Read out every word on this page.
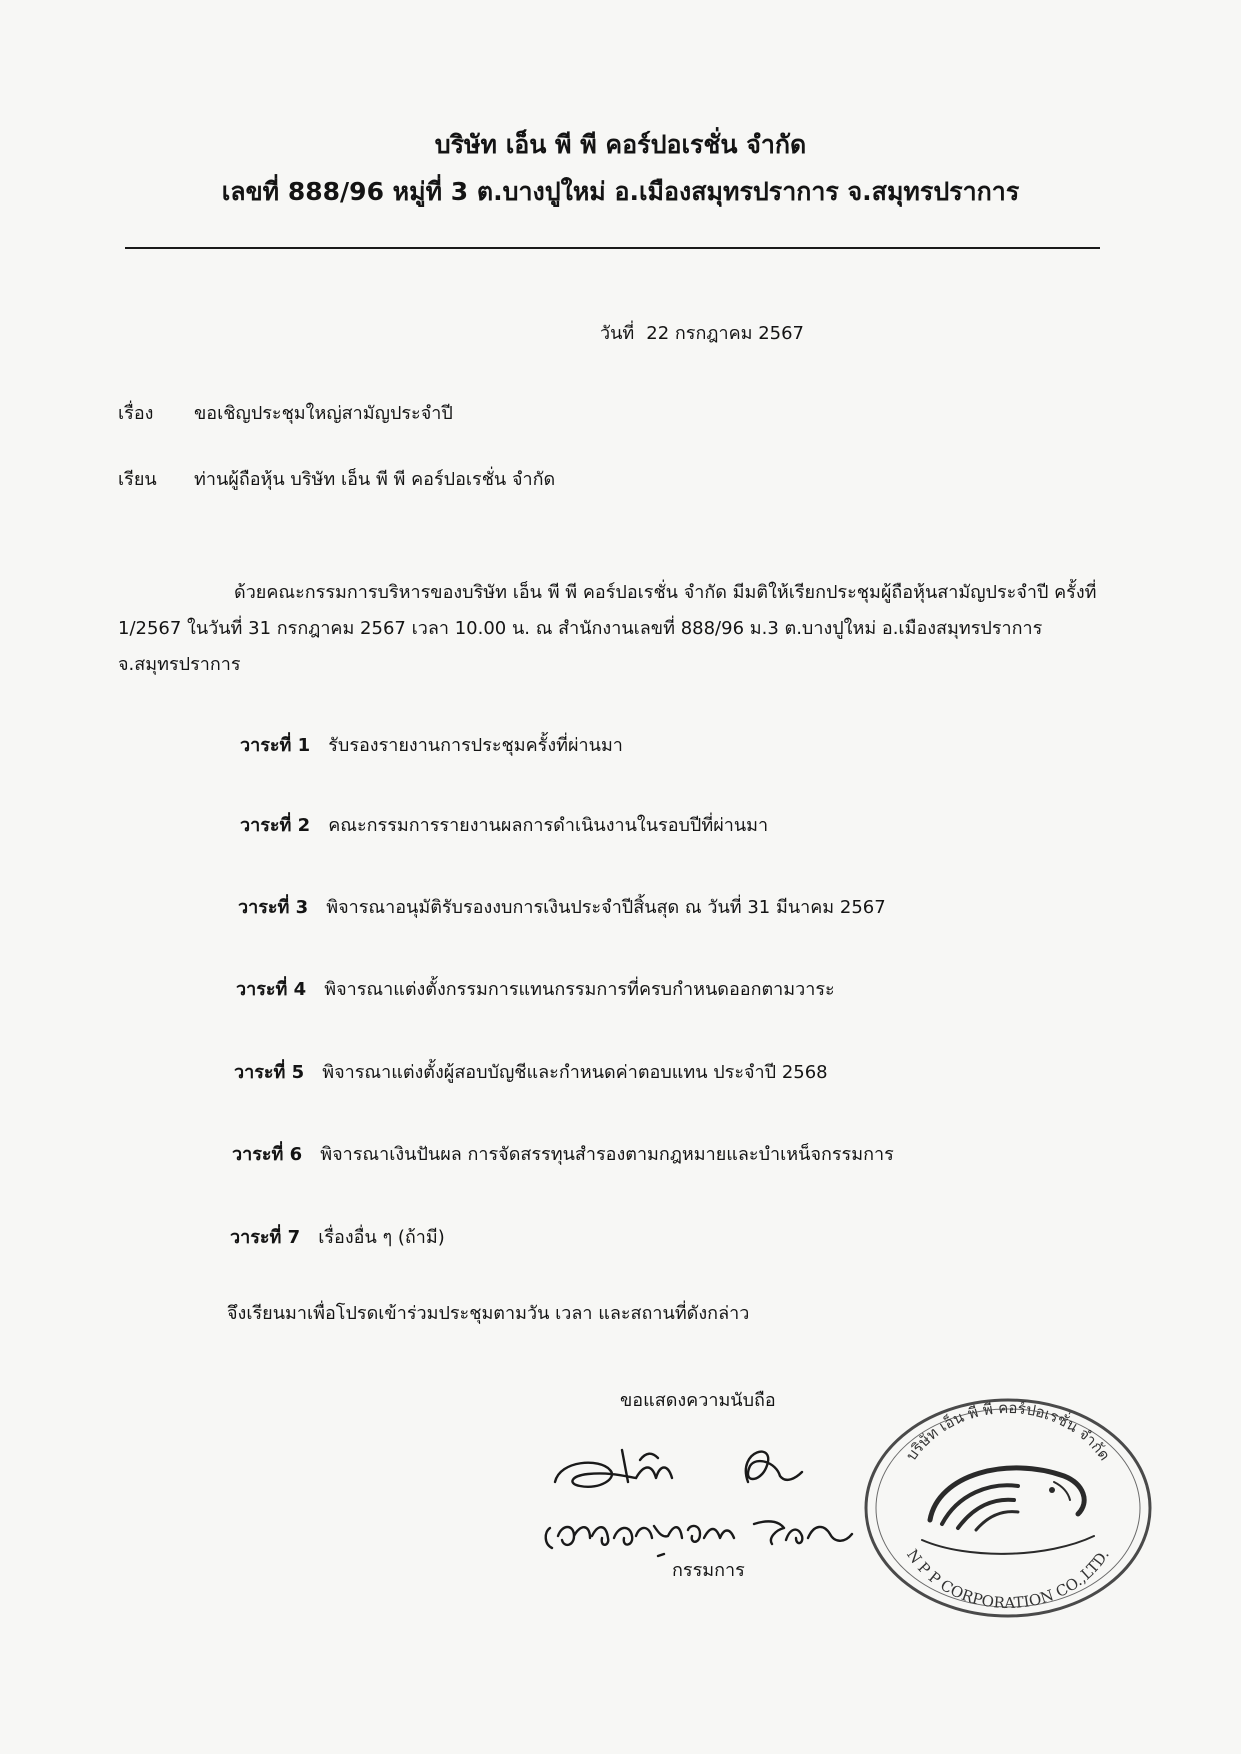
บริษัท เอ็น พี พี คอร์ปอเรชั่น จำกัด
เลขที่ 888/96 หมู่ที่ 3 ต.บางปูใหม่ อ.เมืองสมุทรปราการ จ.สมุทรปราการ
วันที่ 22 กรกฎาคม 2567
เรื่อง ขอเชิญประชุมใหญ่สามัญประจำปี
เรียน ท่านผู้ถือหุ้น บริษัท เอ็น พี พี คอร์ปอเรชั่น จำกัด
ด้วยคณะกรรมการบริหารของบริษัท เอ็น พี พี คอร์ปอเรชั่น จำกัด มีมติให้เรียกประชุมผู้ถือหุ้นสามัญประจำปี ครั้งที่ 1/2567 ในวันที่ 31 กรกฎาคม 2567 เวลา 10.00 น. ณ สำนักงานเลขที่ 888/96 ม.3 ต.บางปูใหม่ อ.เมืองสมุทรปราการ จ.สมุทรปราการ
วาระที่ 1 รับรองรายงานการประชุมครั้งที่ผ่านมา
วาระที่ 2 คณะกรรมการรายงานผลการดำเนินงานในรอบปีที่ผ่านมา
วาระที่ 3 พิจารณาอนุมัติรับรองงบการเงินประจำปีสิ้นสุด ณ วันที่ 31 มีนาคม 2567
วาระที่ 4 พิจารณาแต่งตั้งกรรมการแทนกรรมการที่ครบกำหนดออกตามวาระ
วาระที่ 5 พิจารณาแต่งตั้งผู้สอบบัญชีและกำหนดค่าตอบแทน ประจำปี 2568
วาระที่ 6 พิจารณาเงินปันผล การจัดสรรทุนสำรองตามกฎหมายและบำเหน็จกรรมการ
วาระที่ 7 เรื่องอื่น ๆ (ถ้ามี)
จึงเรียนมาเพื่อโปรดเข้าร่วมประชุมตามวัน เวลา และสถานที่ดังกล่าว
ขอแสดงความนับถือ
บริษัท เอ็น พี พี คอร์ปอเรชั่น จำกัด
N P P CORPORATION CO.,LTD.
กรรมการ
